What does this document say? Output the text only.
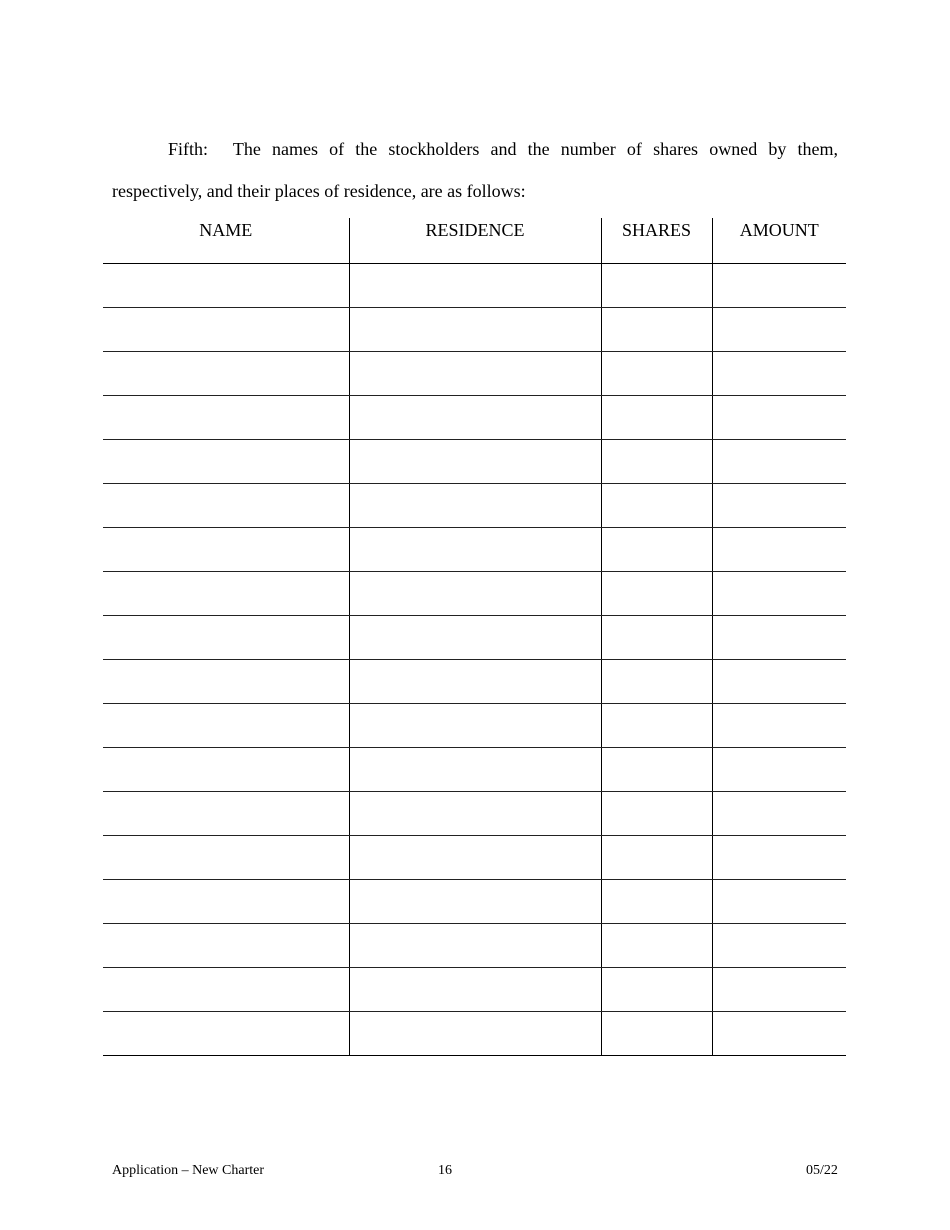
Fifth: The names of the stockholders and the number of shares owned by them,
respectively, and their places of residence, are as follows:
NAME	RESIDENCE	SHARES	AMOUNT

Application – New Charter	16	05/22
